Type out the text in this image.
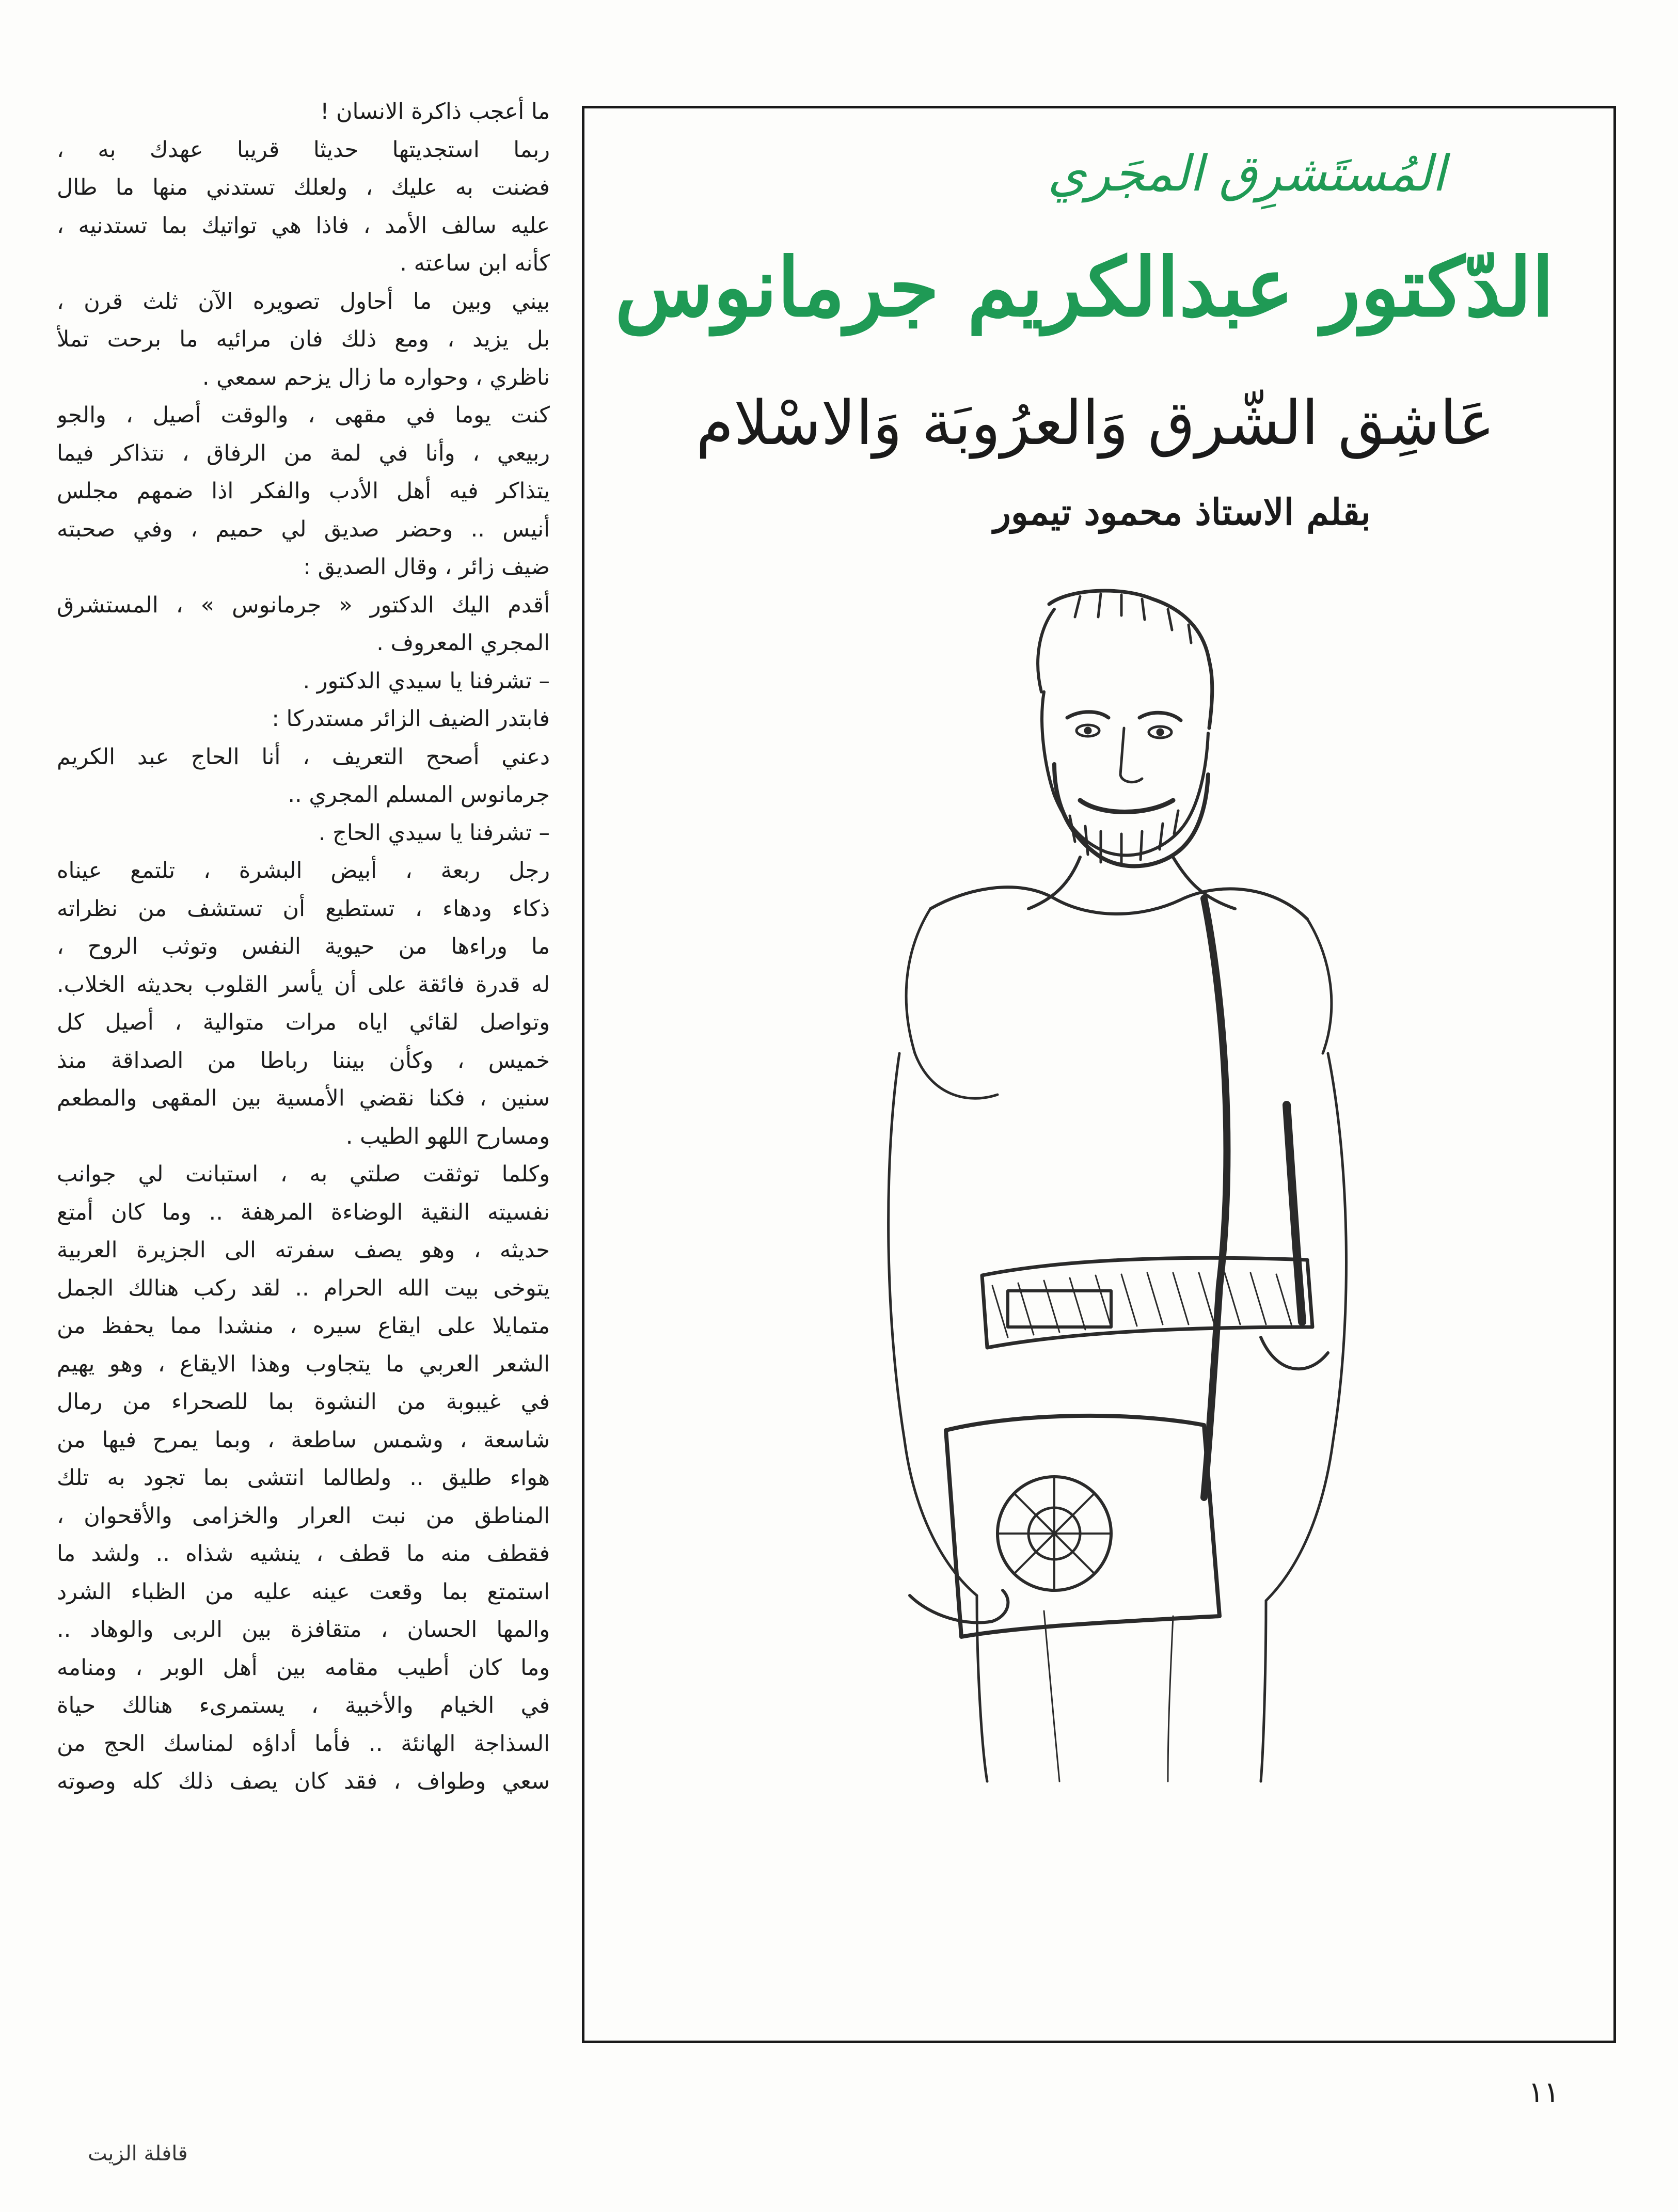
ما أعجب ذاكرة الانسان !
ربما استجديتها حديثا قريبا عهدك به ،
فضنت به عليك ، ولعلك تستدني منها ما طال
عليه سالف الأمد ، فاذا هي تواتيك بما تستدنيه ،
كأنه ابن ساعته .
بيني وبين ما أحاول تصويره الآن ثلث قرن ،
بل يزيد ، ومع ذلك فان مرائيه ما برحت تملأ
ناظري ، وحواره ما زال يزحم سمعي .
كنت يوما في مقهى ، والوقت أصيل ، والجو
ربيعي ، وأنا في لمة من الرفاق ، نتذاكر فيما
يتذاكر فيه أهل الأدب والفكر اذا ضمهم مجلس
أنيس .. وحضر صديق لي حميم ، وفي صحبته
ضيف زائر ، وقال الصديق :
أقدم اليك الدكتور « جرمانوس » ، المستشرق
المجري المعروف .
– تشرفنا يا سيدي الدكتور .
فابتدر الضيف الزائر مستدركا :
دعني أصحح التعريف ، أنا الحاج عبد الكريم
جرمانوس المسلم المجري ..
– تشرفنا يا سيدي الحاج .
رجل ربعة ، أبيض البشرة ، تلتمع عيناه
ذكاء ودهاء ، تستطيع أن تستشف من نظراته
ما وراءها من حيوية النفس وتوثب الروح ،
له قدرة فائقة على أن يأسر القلوب بحديثه الخلاب.
وتواصل لقائي اياه مرات متوالية ، أصيل كل
خميس ، وكأن بيننا رباطا من الصداقة منذ
سنين ، فكنا نقضي الأمسية بين المقهى والمطعم
ومسارح اللهو الطيب .
وكلما توثقت صلتي به ، استبانت لي جوانب
نفسيته النقية الوضاءة المرهفة .. وما كان أمتع
حديثه ، وهو يصف سفرته الى الجزيرة العربية
يتوخى بيت الله الحرام .. لقد ركب هنالك الجمل
متمايلا على ايقاع سيره ، منشدا مما يحفظ من
الشعر العربي ما يتجاوب وهذا الايقاع ، وهو يهيم
في غيبوبة من النشوة بما للصحراء من رمال
شاسعة ، وشمس ساطعة ، وبما يمرح فيها من
هواء طليق .. ولطالما انتشى بما تجود به تلك
المناطق من نبت العرار والخزامى والأقحوان ،
فقطف منه ما قطف ، ينشيه شذاه .. ولشد ما
استمتع بما وقعت عينه عليه من الظباء الشرد
والمها الحسان ، متقافزة بين الربى والوهاد ..
وما كان أطيب مقامه بين أهل الوبر ، ومنامه
في الخيام والأخبية ، يستمرىء هنالك حياة
السذاجة الهانئة .. فأما أداؤه لمناسك الحج من
سعي وطواف ، فقد كان يصف ذلك كله وصوته
المُستَشرِق المجَري
الدّكتور عبدالكريم جرمانوس
عَاشِق الشّرق وَالعرُوبَة وَالاسْلام
بقلم الاستاذ محمود تيمور
١١
قافلة الزيت
